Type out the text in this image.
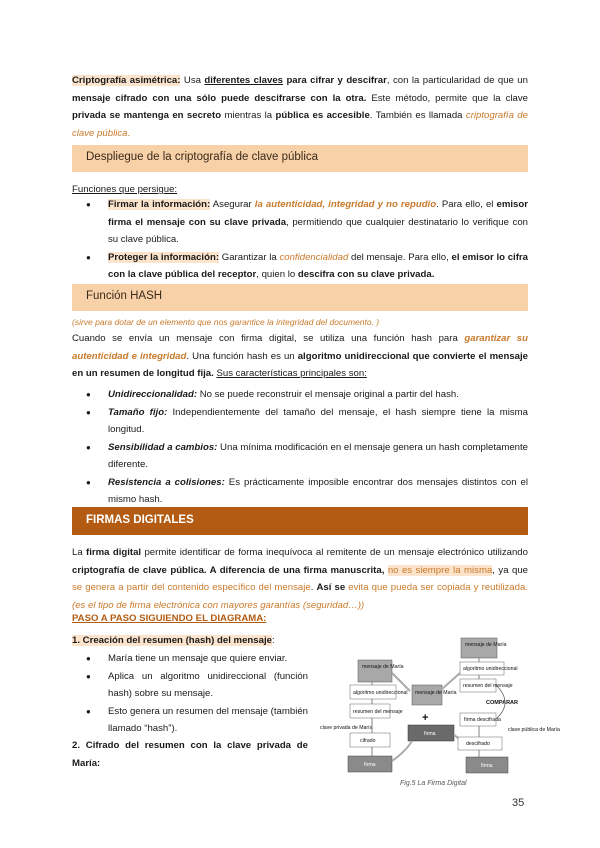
Criptografía asimétrica: Usa diferentes claves para cifrar y descifrar, con la particularidad de que un mensaje cifrado con una sólo puede descifrarse con la otra. Este método, permite que la clave privada se mantenga en secreto mientras la pública es accesible. También es llamada criptografía de clave pública.
Despliegue de la criptografía de clave pública
Funciones que persigue:
● Firmar la información: Asegurar la autenticidad, integridad y no repudio. Para ello, el emisor firma el mensaje con su clave privada, permitiendo que cualquier destinatario lo verifique con su clave pública.
● Proteger la información: Garantizar la confidencialidad del mensaje. Para ello, el emisor lo cifra con la clave pública del receptor, quien lo descifra con su clave privada.
Función HASH
(sirve para dotar de un elemento que nos garantice la integridad del documento. )
Cuando se envía un mensaje con firma digital, se utiliza una función hash para garantizar su autenticidad e integridad. Una función hash es un algoritmo unidireccional que convierte el mensaje en un resumen de longitud fija. Sus características principales son:
● Unidireccionalidad: No se puede reconstruir el mensaje original a partir del hash.
● Tamaño fijo: Independientemente del tamaño del mensaje, el hash siempre tiene la misma longitud.
● Sensibilidad a cambios: Una mínima modificación en el mensaje genera un hash completamente diferente.
● Resistencia a colisiones: Es prácticamente imposible encontrar dos mensajes distintos con el mismo hash.
FIRMAS DIGITALES
La firma digital permite identificar de forma inequívoca al remitente de un mensaje electrónico utilizando criptografía de clave pública. A diferencia de una firma manuscrita, no es siempre la misma, ya que se genera a partir del contenido específico del mensaje. Así se evita que pueda ser copiada y reutilizada. (es el tipo de firma electrónica con mayores garantías (seguridad…))
PASO A PASO SIGUIENDO EL DIAGRAMA:
1. Creación del resumen (hash) del mensaje:
● María tiene un mensaje que quiere enviar.
● Aplica un algoritmo unidireccional (función hash) sobre su mensaje.
● Esto genera un resumen del mensaje (también llamado “hash”).
2. Cifrado del resumen con la clave privada de María:
mensaje de María
algoritmo unidireccional
resumen del mensaje
clave privada de María
cifrado
firma
mensaje de María
+
firma
mensaje de María
algoritmo unidireccional
resumen del mensaje
COMPARAR
firma descifrada
descifrado
clave pública de María
firma
Fig.5 La Firma Digital
35
